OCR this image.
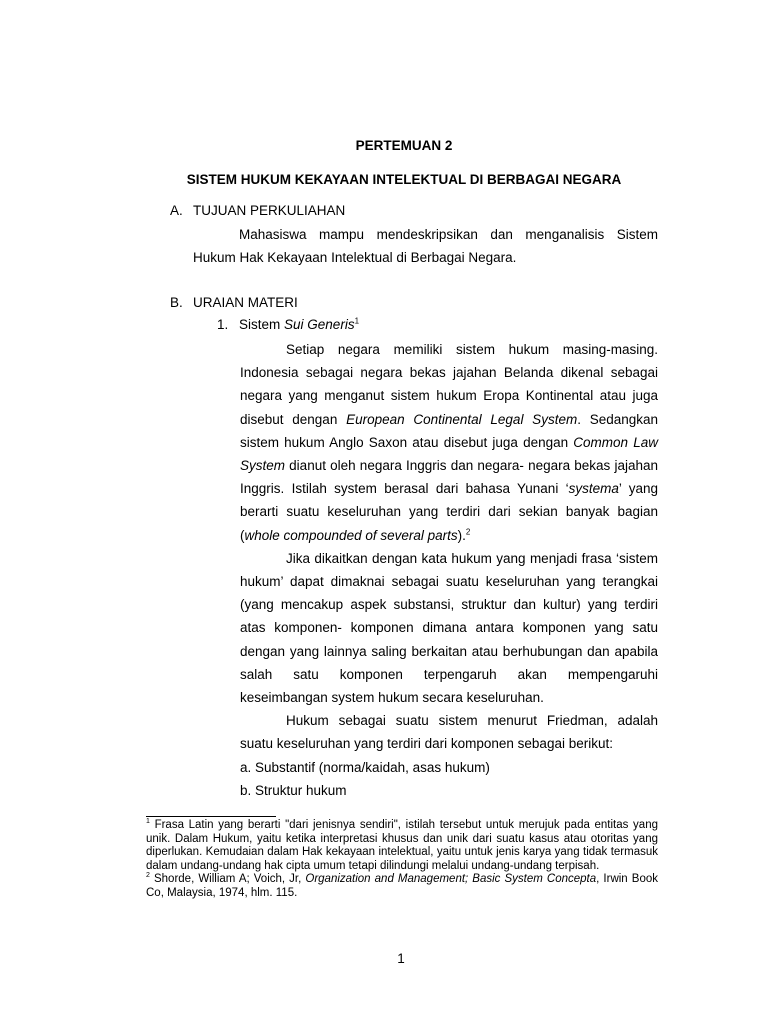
PERTEMUAN 2
SISTEM HUKUM KEKAYAAN INTELEKTUAL DI BERBAGAI NEGARA
A. TUJUAN PERKULIAHAN

Mahasiswa mampu mendeskripsikan dan menganalisis Sistem Hukum Hak Kekayaan Intelektual di Berbagai Negara.

B. URAIAN MATERI
1. Sistem Sui Generis$^1$

Setiap negara memiliki sistem hukum masing-masing. Indonesia sebagai negara bekas jajahan Belanda dikenal sebagai negara yang menganut sistem hukum Eropa Kontinental atau juga disebut dengan European Continental Legal System. Sedangkan sistem hukum Anglo Saxon atau disebut juga dengan Common Law System dianut oleh negara Inggris dan negara- negara bekas jajahan Inggris. Istilah system berasal dari bahasa Yunani ‘systema’ yang berarti suatu keseluruhan yang terdiri dari sekian banyak bagian (whole compounded of several parts).$^2$

Jika dikaitkan dengan kata hukum yang menjadi frasa ‘sistem hukum’ dapat dimaknai sebagai suatu keseluruhan yang terangkai (yang mencakup aspek substansi, struktur dan kultur) yang terdiri atas komponen- komponen dimana antara komponen yang satu dengan yang lainnya saling berkaitan atau berhubungan dan apabila salah satu komponen terpengaruh akan mempengaruhi keseimbangan system hukum secara keseluruhan.

Hukum sebagai suatu sistem menurut Friedman, adalah suatu keseluruhan yang terdiri dari komponen sebagai berikut:

a. Substantif (norma/kaidah, asas hukum)

b. Struktur hukum

$^1$ Frasa Latin yang berarti "dari jenisnya sendiri", istilah tersebut untuk merujuk pada entitas yang unik. Dalam Hukum, yaitu ketika interpretasi khusus dan unik dari suatu kasus atau otoritas yang diperlukan. Kemudaian dalam Hak kekayaan intelektual, yaitu untuk jenis karya yang tidak termasuk dalam undang-undang hak cipta umum tetapi dilindungi melalui undang-undang terpisah.

$^2$ Shorde, William A; Voich, Jr, Organization and Management; Basic System Concepta, Irwin Book Co, Malaysia, 1974, hlm. 115.

1
